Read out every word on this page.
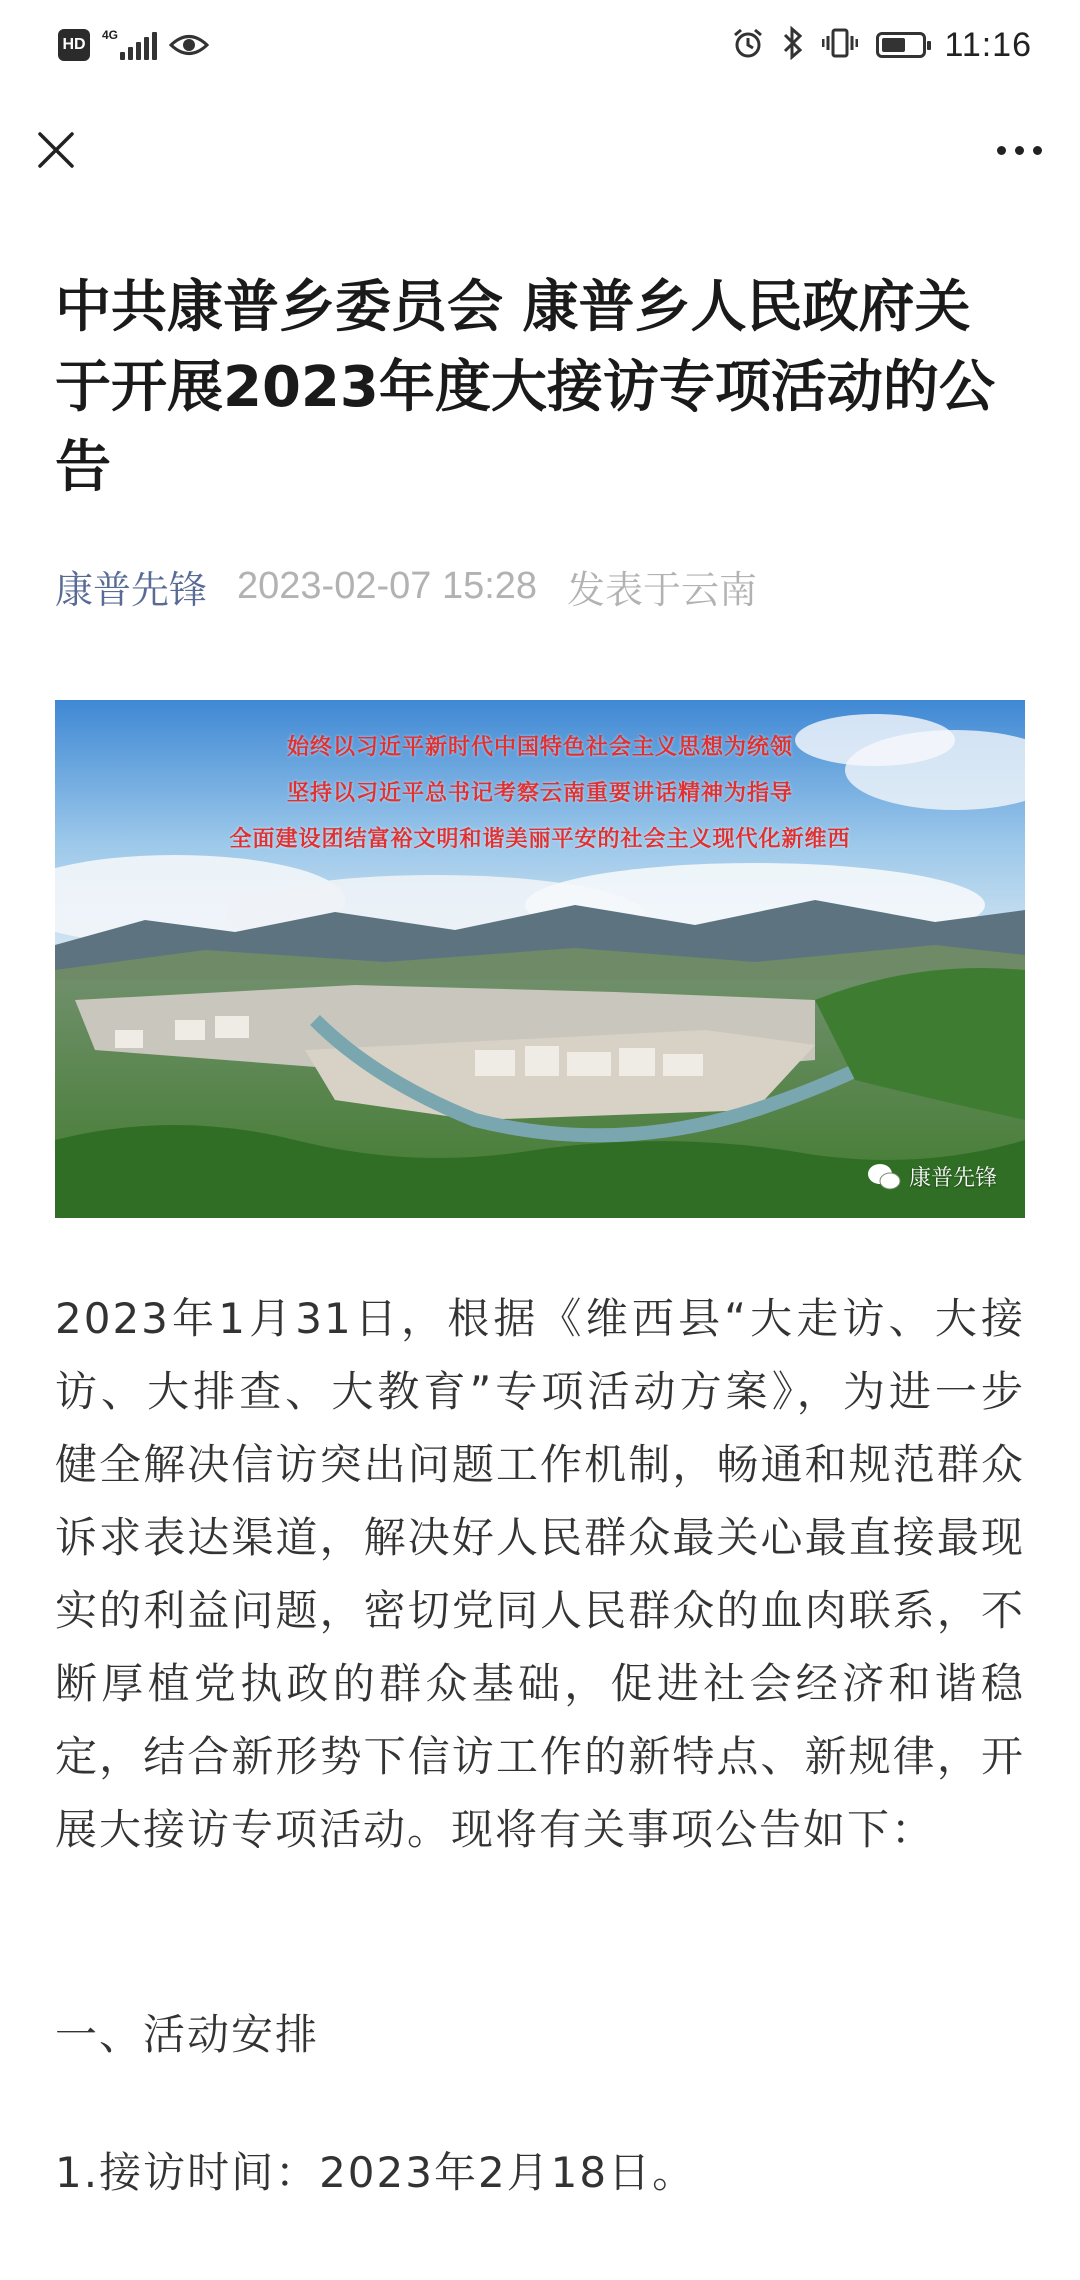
HD
4G	11:16
中共康普乡委员会 康普乡人民政府关于开展2023年度大接访专项活动的公告
康普先锋 2023-02-07 15:28 发表于云南
始终以习近平新时代中国特色社会主义思想为统领
坚持以习近平总书记考察云南重要讲话精神为指导
全面建设团结富裕文明和谐美丽平安的社会主义现代化新维西
康普先锋

2023年1月31日，根据《维西县“大走访、大接访、大排查、大教育”专项活动方案》，为进一步健全解决信访突出问题工作机制，畅通和规范群众诉求表达渠道，解决好人民群众最关心最直接最现实的利益问题，密切党同人民群众的血肉联系，不断厚植党执政的群众基础，促进社会经济和谐稳定，结合新形势下信访工作的新特点、新规律，开展大接访专项活动。现将有关事项公告如下：

一、活动安排

1.接访时间：2023年2月18日。
